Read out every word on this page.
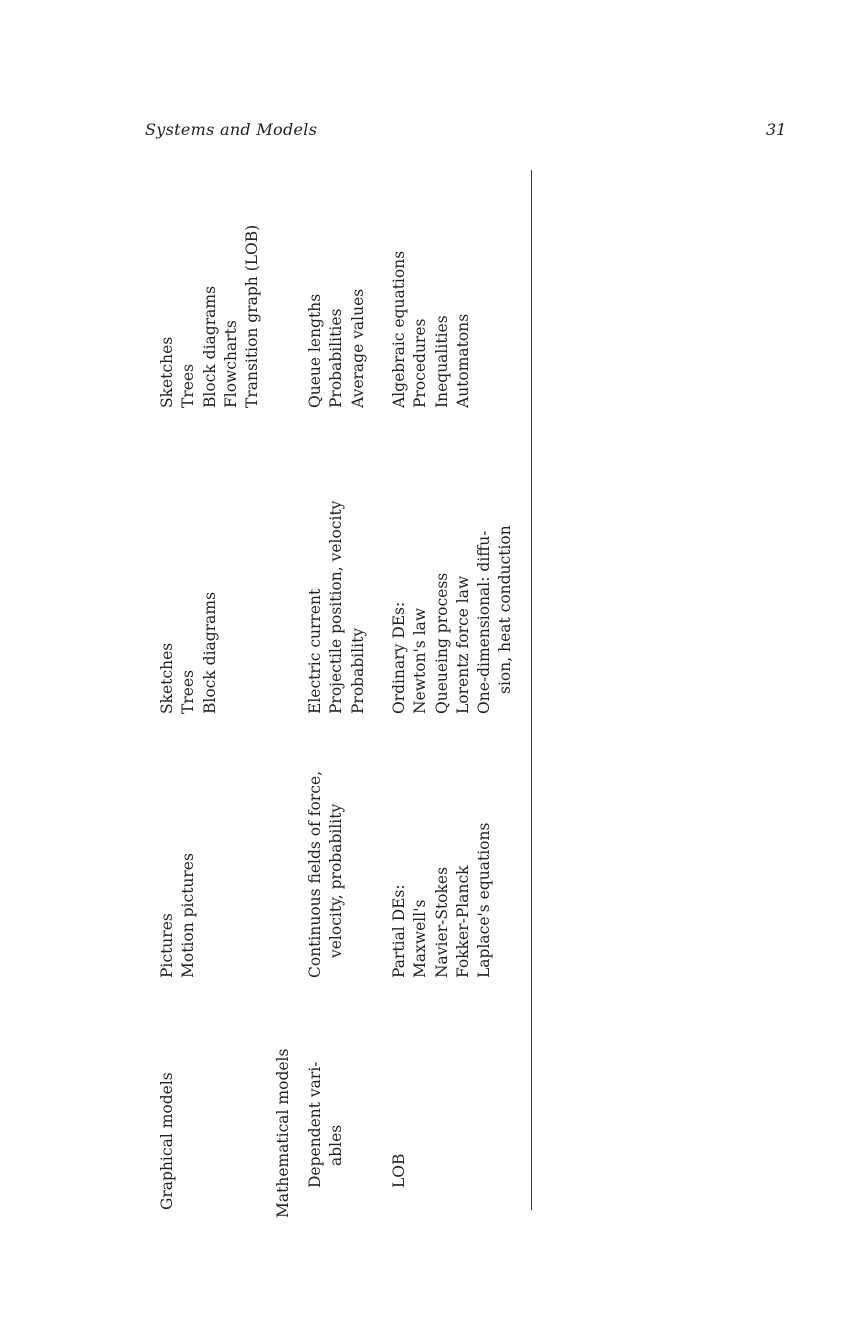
Systems and Models	31
Graphical models
Pictures Motion pictures
Sketches Trees Block diagrams
Sketches Trees Block diagrams Flowcharts Transition graph (LOB)
Mathematical models Dependent vari- ables
Continuous fields of force, velocity, probability
Electric current Projectile position, velocity Probability
Queue lengths Probabilities Average values
LOB
Partial DEs: Maxwell's Navier-Stokes Fokker-Planck Laplace's equations
Ordinary DEs: Newton's law Queueing process Lorentz force law One-dimensional: diffu- sion, heat conduction
Algebraic equations Procedures Inequalities Automatons
